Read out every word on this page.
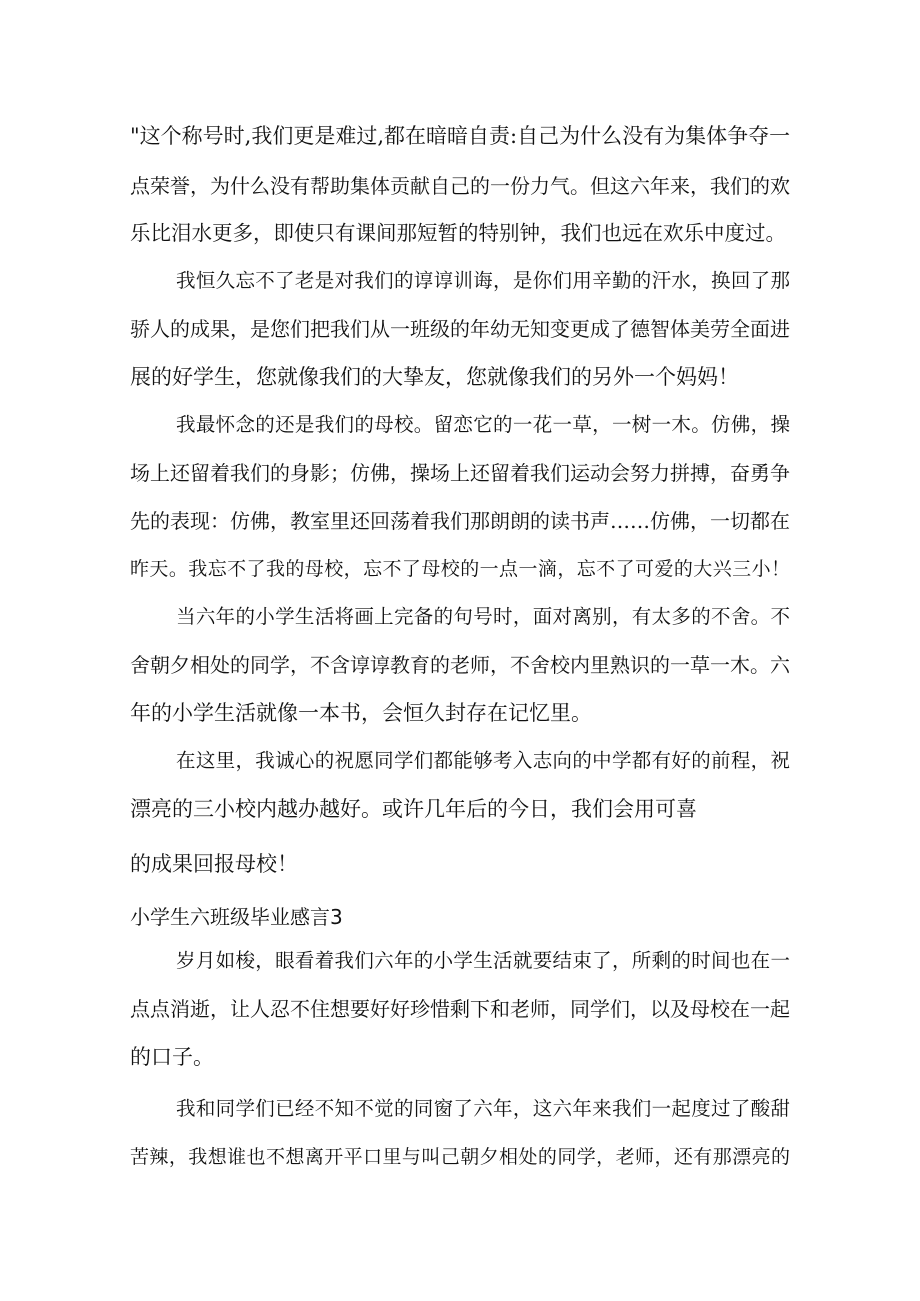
"这个称号时,我们更是难过,都在暗暗自责:自己为什么没有为集体争夺一
点荣誉，为什么没有帮助集体贡献自己的一份力气。但这六年来，我们的欢
乐比泪水更多，即使只有课间那短暂的特别钟，我们也远在欢乐中度过。
我恒久忘不了老是对我们的谆谆训诲，是你们用辛勤的汗水，换回了那
骄人的成果，是您们把我们从一班级的年幼无知变更成了德智体美劳全面进
展的好学生，您就像我们的大挚友，您就像我们的另外一个妈妈！
我最怀念的还是我们的母校。留恋它的一花一草，一树一木。仿佛，操
场上还留着我们的身影；仿佛，操场上还留着我们运动会努力拼搏，奋勇争
先的表现：仿佛，教室里还回荡着我们那朗朗的读书声……仿佛，一切都在
昨天。我忘不了我的母校，忘不了母校的一点一滴，忘不了可爱的大兴三小！
当六年的小学生活将画上完备的句号时，面对离别，有太多的不舍。不
舍朝夕相处的同学，不含谆谆教育的老师，不舍校内里熟识的一草一木。六
年的小学生活就像一本书，会恒久封存在记忆里。
在这里，我诚心的祝愿同学们都能够考入志向的中学都有好的前程，祝
漂亮的三小校内越办越好。或许几年后的今日，我们会用可喜
的成果回报母校！
小学生六班级毕业感言3
岁月如梭，眼看着我们六年的小学生活就要结束了，所剩的时间也在一
点点消逝，让人忍不住想要好好珍惜剩下和老师，同学们，以及母校在一起
的口子。
我和同学们已经不知不觉的同窗了六年，这六年来我们一起度过了酸甜
苦辣，我想谁也不想离开平口里与叫己朝夕相处的同学，老师，还有那漂亮的
